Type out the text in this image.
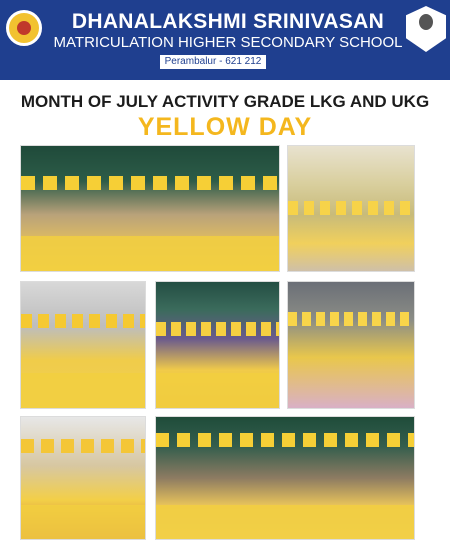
DHANALAKSHMI SRINIVASAN
MATRICULATION HIGHER SECONDARY SCHOOL
Perambalur - 621 212
MONTH OF JULY ACTIVITY GRADE LKG AND UKG
YELLOW DAY
